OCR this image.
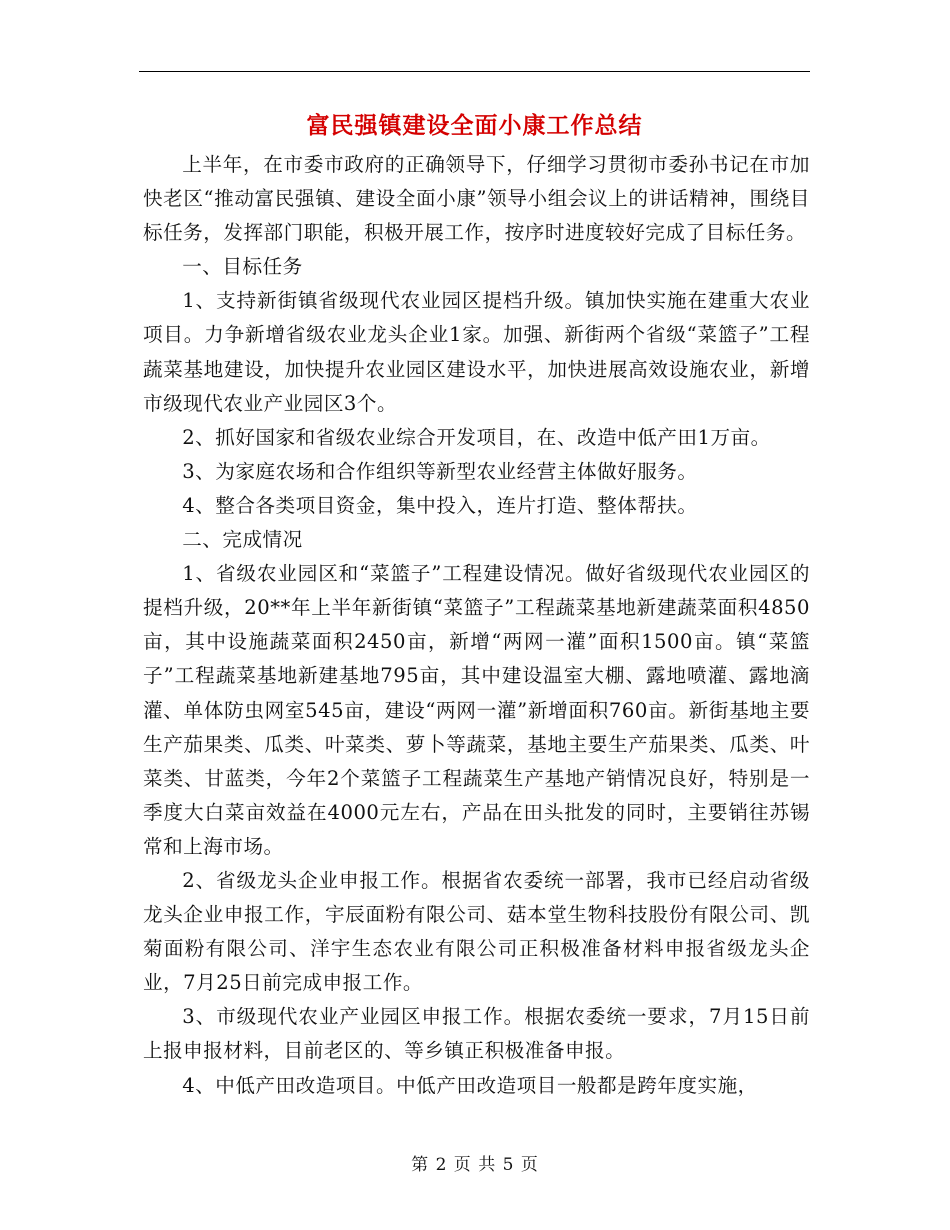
富民强镇建设全面小康工作总结

上半年，在市委市政府的正确领导下，仔细学习贯彻市委孙书记在市加快老区“推动富民强镇、建设全面小康”领导小组会议上的讲话精神，围绕目标任务，发挥部门职能，积极开展工作，按序时进度较好完成了目标任务。

一、目标任务

1、支持新街镇省级现代农业园区提档升级。镇加快实施在建重大农业项目。力争新增省级农业龙头企业1家。加强、新街两个省级“菜篮子”工程蔬菜基地建设，加快提升农业园区建设水平，加快进展高效设施农业，新增市级现代农业产业园区3个。

2、抓好国家和省级农业综合开发项目，在、改造中低产田1万亩。

3、为家庭农场和合作组织等新型农业经营主体做好服务。

4、整合各类项目资金，集中投入，连片打造、整体帮扶。

二、完成情况

1、省级农业园区和“菜篮子”工程建设情况。做好省级现代农业园区的提档升级，20**年上半年新街镇“菜篮子”工程蔬菜基地新建蔬菜面积4850亩，其中设施蔬菜面积2450亩，新增“两网一灌”面积1500亩。镇“菜篮子”工程蔬菜基地新建基地795亩，其中建设温室大棚、露地喷灌、露地滴灌、单体防虫网室545亩，建设“两网一灌”新增面积760亩。新街基地主要生产茄果类、瓜类、叶菜类、萝卜等蔬菜，基地主要生产茄果类、瓜类、叶菜类、甘蓝类，今年2个菜篮子工程蔬菜生产基地产销情况良好，特别是一季度大白菜亩效益在4000元左右，产品在田头批发的同时，主要销往苏锡常和上海市场。

2、省级龙头企业申报工作。根据省农委统一部署，我市已经启动省级龙头企业申报工作，宇辰面粉有限公司、菇本堂生物科技股份有限公司、凯菊面粉有限公司、洋宇生态农业有限公司正积极准备材料申报省级龙头企业，7月25日前完成申报工作。

3、市级现代农业产业园区申报工作。根据农委统一要求，7月15日前上报申报材料，目前老区的、等乡镇正积极准备申报。

4、中低产田改造项目。中低产田改造项目一般都是跨年度实施，

第 2 页 共 5 页
